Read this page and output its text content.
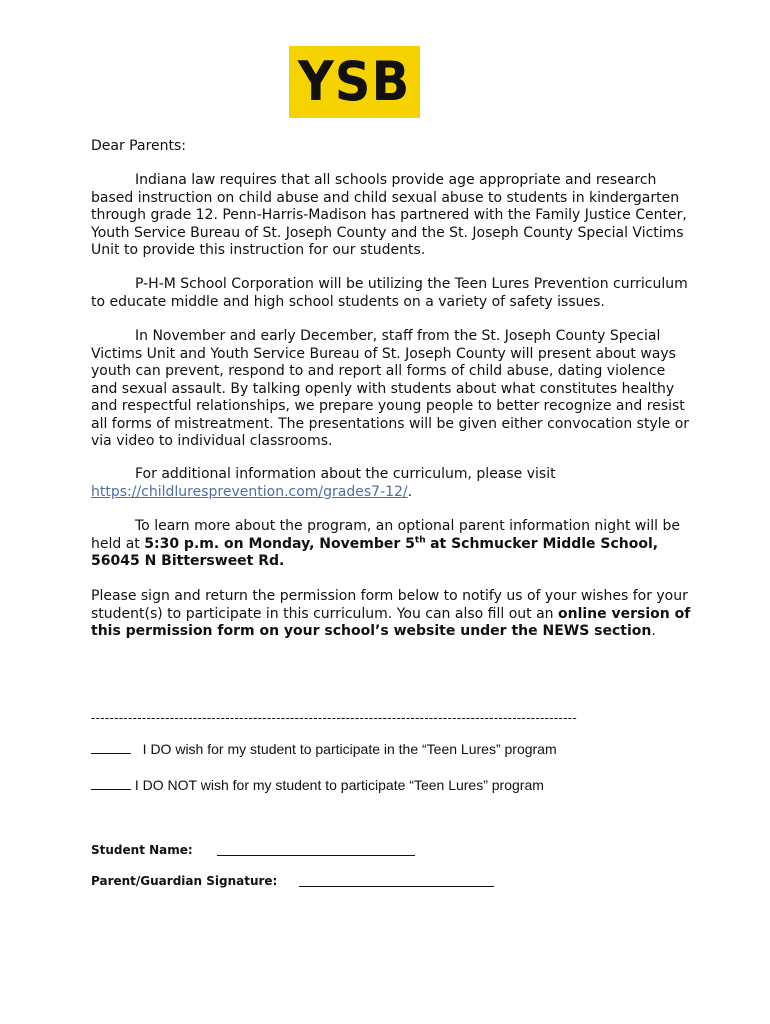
YSB

Dear Parents:

Indiana law requires that all schools provide age appropriate and research based instruction on child abuse and child sexual abuse to students in kindergarten through grade 12. Penn-Harris-Madison has partnered with the Family Justice Center, Youth Service Bureau of St. Joseph County and the St. Joseph County Special Victims Unit to provide this instruction for our students.

P-H-M School Corporation will be utilizing the Teen Lures Prevention curriculum to educate middle and high school students on a variety of safety issues.

In November and early December, staff from the St. Joseph County Special Victims Unit and Youth Service Bureau of St. Joseph County will present about ways youth can prevent, respond to and report all forms of child abuse, dating violence and sexual assault. By talking openly with students about what constitutes healthy and respectful relationships, we prepare young people to better recognize and resist all forms of mistreatment. The presentations will be given either convocation style or via video to individual classrooms.

For additional information about the curriculum, please visit https://childluresprevention.com/grades7-12/.

To learn more about the program, an optional parent information night will be held at 5:30 p.m. on Monday, November 5th at Schmucker Middle School, 56045 N Bittersweet Rd.

Please sign and return the permission form below to notify us of your wishes for your student(s) to participate in this curriculum. You can also fill out an online version of this permission form on your school’s website under the NEWS section.

---------------------------------------------------------------------------------------------------------

I DO wish for my student to participate in the “Teen Lures” program

I DO NOT wish for my student to participate “Teen Lures” program

Student Name:
Parent/Guardian Signature:
